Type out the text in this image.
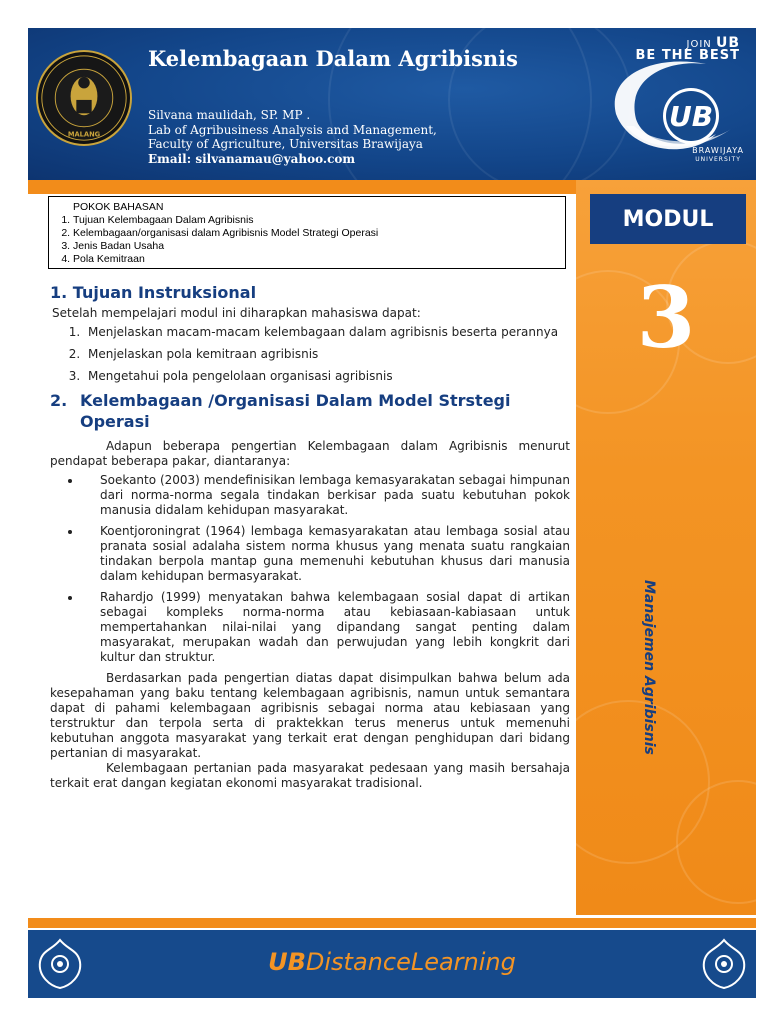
MALANG
Kelembagaan Dalam Agribisnis
Silvana maulidah, SP. MP .
Lab of Agribusiness Analysis and Management,
Faculty of Agriculture, Universitas Brawijaya
Email: silvanamau@yahoo.com
UB
JOIN UB
BE THE BEST
BRAWIJAYA
UNIVERSITY
MODUL
3
Manajemen Agribisnis
POKOK BAHASAN
1. Tujuan Kelembagaan Dalam Agribisnis
2. Kelembagaan/organisasi dalam Agribisnis Model Strategi Operasi
3. Jenis Badan Usaha
4. Pola Kemitraan
1. Tujuan Instruksional

Setelah mempelajari modul ini diharapkan mahasiswa dapat:

1. Menjelaskan macam-macam kelembagaan dalam agribisnis beserta perannya
2. Menjelaskan pola kemitraan agribisnis
3. Mengetahui pola pengelolaan organisasi agribisnis
2. Kelembagaan /Organisasi Dalam Model Strstegi
Operasi

Adapun beberapa pengertian Kelembagaan dalam Agribisnis menurut pendapat beberapa pakar, diantaranya:

• Soekanto (2003) mendefinisikan lembaga kemasyarakatan sebagai himpunan dari norma-norma segala tindakan berkisar pada suatu kebutuhan pokok manusia didalam kehidupan masyarakat.
• Koentjoroningrat (1964) lembaga kemasyarakatan atau lembaga sosial atau pranata sosial adalaha sistem norma khusus yang menata suatu rangkaian tindakan berpola mantap guna memenuhi kebutuhan khusus dari manusia dalam kehidupan bermasyarakat.
• Rahardjo (1999) menyatakan bahwa kelembagaan sosial dapat di artikan sebagai kompleks norma-norma atau kebiasaan-kabiasaan untuk mempertahankan nilai-nilai yang dipandang sangat penting dalam masyarakat, merupakan wadah dan perwujudan yang lebih kongkrit dari kultur dan struktur.

Berdasarkan pada pengertian diatas dapat disimpulkan bahwa belum ada kesepahaman yang baku tentang kelembagaan agribisnis, namun untuk semantara dapat di pahami kelembagaan agribisnis sebagai norma atau kebiasaan yang terstruktur dan terpola serta di praktekkan terus menerus untuk memenuhi kebutuhan anggota masyarakat yang terkait erat dengan penghidupan dari bidang pertanian di masyarakat.

Kelembagaan pertanian pada masyarakat pedesaan yang masih bersahaja terkait erat dangan kegiatan ekonomi masyarakat tradisional.

UBDistanceLearning
